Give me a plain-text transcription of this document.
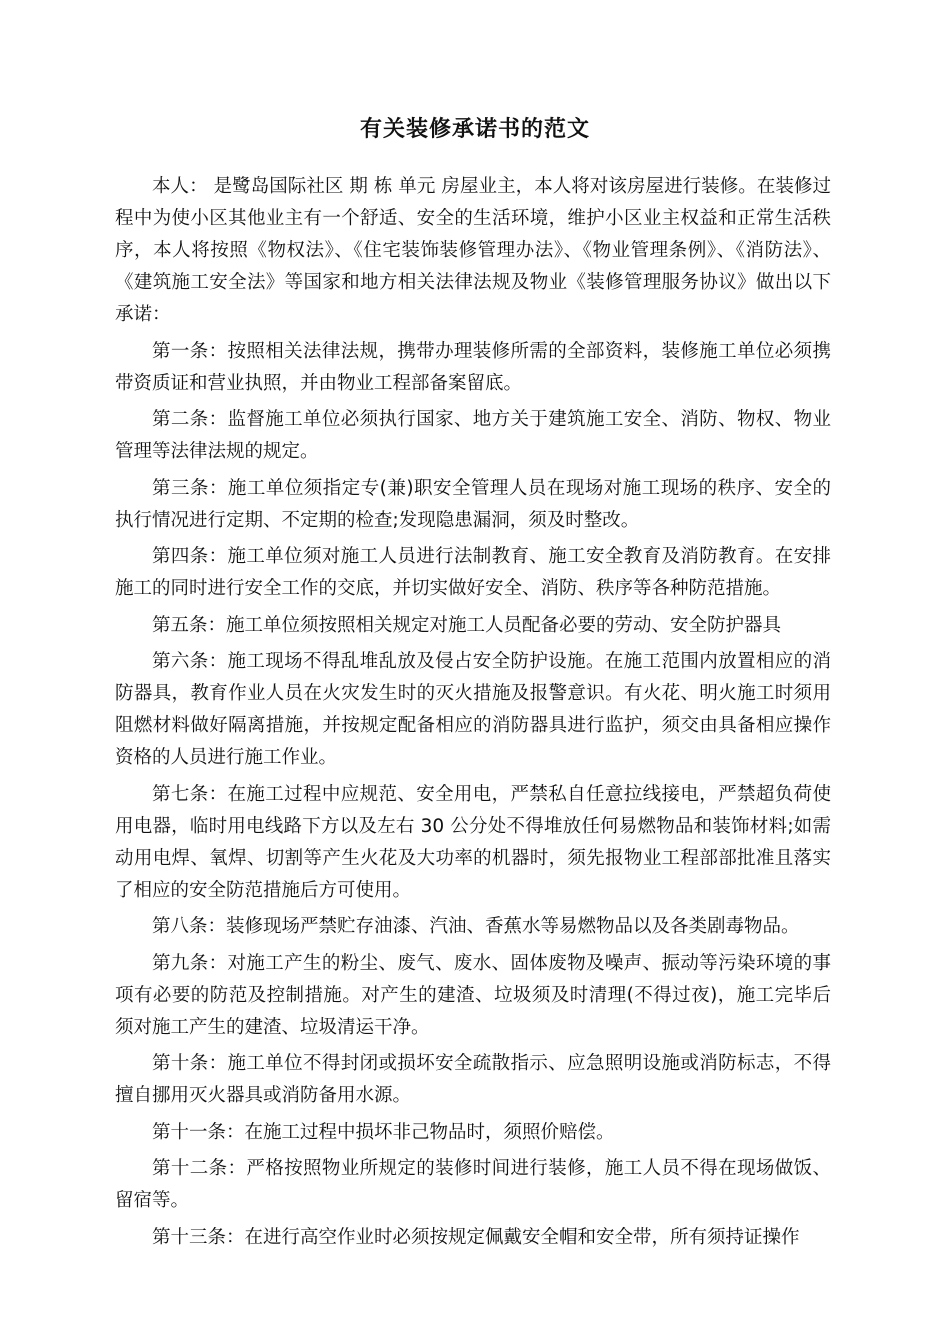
有关装修承诺书的范文

本人： 是鹭岛国际社区 期 栋 单元 房屋业主，本人将对该房屋进行装修。在装修过程中为使小区其他业主有一个舒适、安全的生活环境，维护小区业主权益和正常生活秩序，本人将按照《物权法》、《住宅装饰装修管理办法》、《物业管理条例》、《消防法》、《建筑施工安全法》等国家和地方相关法律法规及物业《装修管理服务协议》做出以下承诺：

第一条：按照相关法律法规，携带办理装修所需的全部资料，装修施工单位必须携带资质证和营业执照，并由物业工程部备案留底。

第二条：监督施工单位必须执行国家、地方关于建筑施工安全、消防、物权、物业管理等法律法规的规定。

第三条：施工单位须指定专(兼)职安全管理人员在现场对施工现场的秩序、安全的执行情况进行定期、不定期的检查;发现隐患漏洞，须及时整改。

第四条：施工单位须对施工人员进行法制教育、施工安全教育及消防教育。在安排施工的同时进行安全工作的交底，并切实做好安全、消防、秩序等各种防范措施。

第五条：施工单位须按照相关规定对施工人员配备必要的劳动、安全防护器具

第六条：施工现场不得乱堆乱放及侵占安全防护设施。在施工范围内放置相应的消防器具，教育作业人员在火灾发生时的灭火措施及报警意识。有火花、明火施工时须用阻燃材料做好隔离措施，并按规定配备相应的消防器具进行监护，须交由具备相应操作资格的人员进行施工作业。

第七条：在施工过程中应规范、安全用电，严禁私自任意拉线接电，严禁超负荷使用电器，临时用电线路下方以及左右 30 公分处不得堆放任何易燃物品和装饰材料;如需动用电焊、氧焊、切割等产生火花及大功率的机器时，须先报物业工程部部批准且落实了相应的安全防范措施后方可使用。

第八条：装修现场严禁贮存油漆、汽油、香蕉水等易燃物品以及各类剧毒物品。

第九条：对施工产生的粉尘、废气、废水、固体废物及噪声、振动等污染环境的事项有必要的防范及控制措施。对产生的建渣、垃圾须及时清理(不得过夜)，施工完毕后须对施工产生的建渣、垃圾清运干净。

第十条：施工单位不得封闭或损坏安全疏散指示、应急照明设施或消防标志，不得擅自挪用灭火器具或消防备用水源。

第十一条：在施工过程中损坏非己物品时，须照价赔偿。

第十二条：严格按照物业所规定的装修时间进行装修，施工人员不得在现场做饭、留宿等。

第十三条：在进行高空作业时必须按规定佩戴安全帽和安全带，所有须持证操作
